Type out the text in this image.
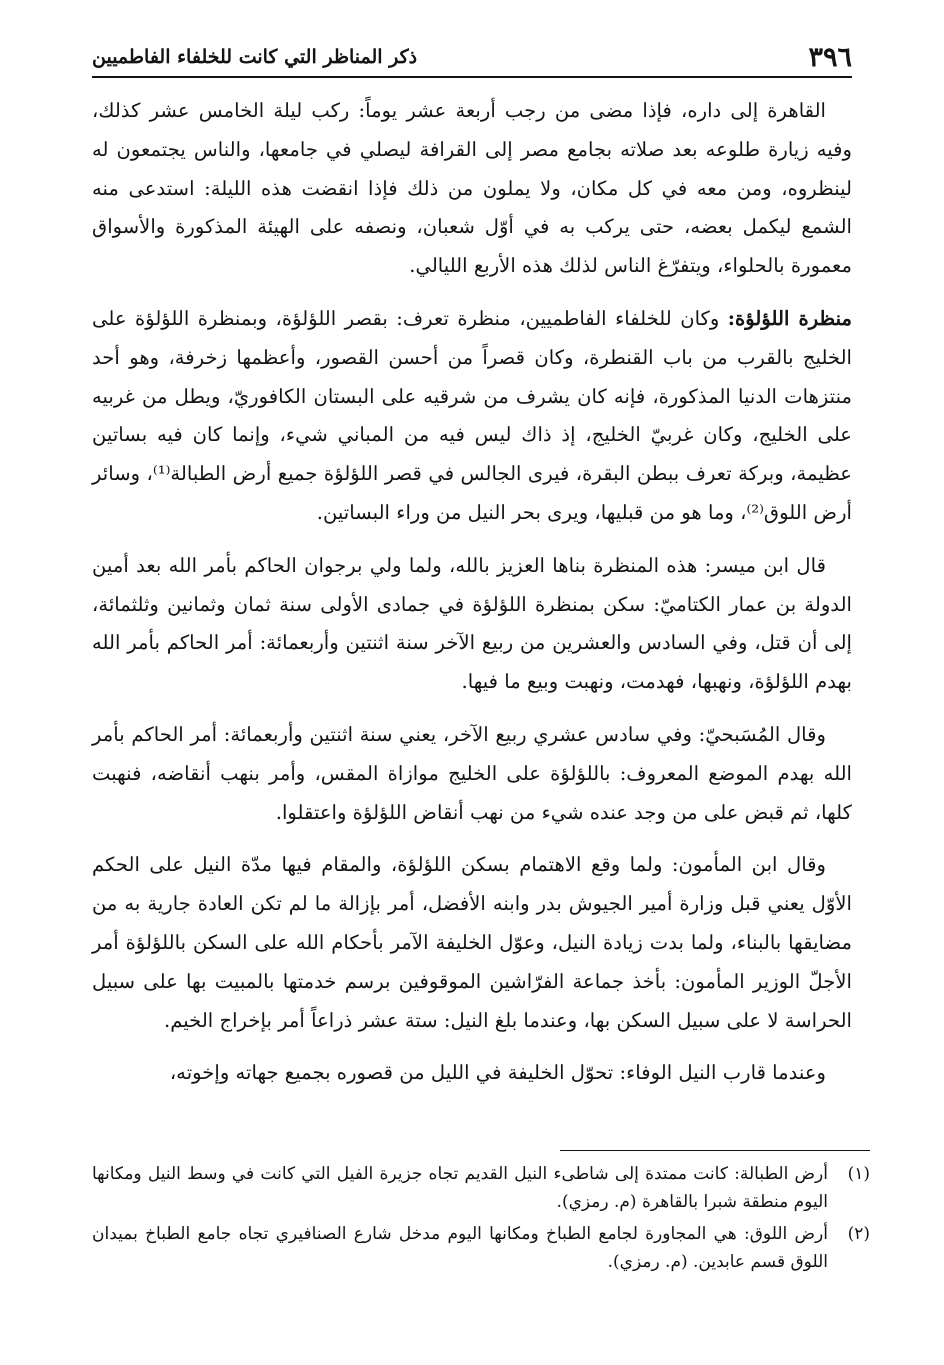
٣٩٦
ذكر المناظر التي كانت للخلفاء الفاطميين

القاهرة إلى داره، فإذا مضى من رجب أربعة عشر يوماً: ركب ليلة الخامس عشر كذلك، وفيه زيارة طلوعه بعد صلاته بجامع مصر إلى القرافة ليصلي في جامعها، والناس يجتمعون له لينظروه، ومن معه في كل مكان، ولا يملون من ذلك فإذا انقضت هذه الليلة: استدعى منه الشمع ليكمل بعضه، حتى يركب به في أوّل شعبان، ونصفه على الهيئة المذكورة والأسواق معمورة بالحلواء، ويتفرّغ الناس لذلك هذه الأربع الليالي.

منظرة اللؤلؤة: وكان للخلفاء الفاطميين، منظرة تعرف: بقصر اللؤلؤة، وبمنظرة اللؤلؤة على الخليج بالقرب من باب القنطرة، وكان قصراً من أحسن القصور، وأعظمها زخرفة، وهو أحد منتزهات الدنيا المذكورة، فإنه كان يشرف من شرقيه على البستان الكافوريّ، ويطل من غربيه على الخليج، وكان غربيّ الخليج، إذ ذاك ليس فيه من المباني شيء، وإنما كان فيه بساتين عظيمة، وبركة تعرف ببطن البقرة، فيرى الجالس في قصر اللؤلؤة جميع أرض الطبالة⁽¹⁾، وسائر أرض اللوق⁽²⁾، وما هو من قبليها، ويرى بحر النيل من وراء البساتين.

قال ابن ميسر: هذه المنظرة بناها العزيز بالله، ولما ولي برجوان الحاكم بأمر الله بعد أمين الدولة بن عمار الكتاميّ: سكن بمنظرة اللؤلؤة في جمادى الأولى سنة ثمان وثمانين وثلثمائة، إلى أن قتل، وفي السادس والعشرين من ربيع الآخر سنة اثنتين وأربعمائة: أمر الحاكم بأمر الله بهدم اللؤلؤة، ونهبها، فهدمت، ونهبت وبيع ما فيها.

وقال المُسَبحيّ: وفي سادس عشري ربيع الآخر، يعني سنة اثنتين وأربعمائة: أمر الحاكم بأمر الله بهدم الموضع المعروف: باللؤلؤة على الخليج موازاة المقس، وأمر بنهب أنقاضه، فنهبت كلها، ثم قبض على من وجد عنده شيء من نهب أنقاض اللؤلؤة واعتقلوا.

وقال ابن المأمون: ولما وقع الاهتمام بسكن اللؤلؤة، والمقام فيها مدّة النيل على الحكم الأوّل يعني قبل وزارة أمير الجيوش بدر وابنه الأفضل، أمر بإزالة ما لم تكن العادة جارية به من مضايقها بالبناء، ولما بدت زيادة النيل، وعوّل الخليفة الآمر بأحكام الله على السكن باللؤلؤة أمر الأجلّ الوزير المأمون: بأخذ جماعة الفرّاشين الموقوفين برسم خدمتها بالمبيت بها على سبيل الحراسة لا على سبيل السكن بها، وعندما بلغ النيل: ستة عشر ذراعاً أمر بإخراج الخيم.

وعندما قارب النيل الوفاء: تحوّل الخليفة في الليل من قصوره بجميع جهاته وإخوته،

(١)
أرض الطبالة: كانت ممتدة إلى شاطىء النيل القديم تجاه جزيرة الفيل التي كانت في وسط النيل ومكانها اليوم منطقة شبرا بالقاهرة (م. رمزي).
(٢)
أرض اللوق: هي المجاورة لجامع الطباخ ومكانها اليوم مدخل شارع الصنافيري تجاه جامع الطباخ بميدان اللوق قسم عابدين. (م. رمزي).
